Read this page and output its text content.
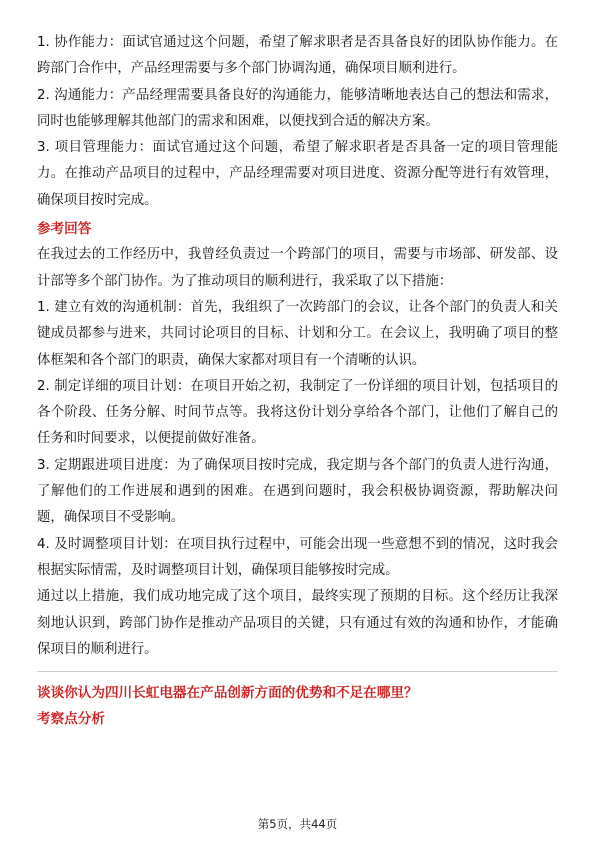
1. 协作能力：面试官通过这个问题，希望了解求职者是否具备良好的团队协作能力。在跨部门合作中，产品经理需要与多个部门协调沟通，确保项目顺利进行。

2. 沟通能力：产品经理需要具备良好的沟通能力，能够清晰地表达自己的想法和需求，同时也能够理解其他部门的需求和困难，以便找到合适的解决方案。

3. 项目管理能力：面试官通过这个问题，希望了解求职者是否具备一定的项目管理能力。在推动产品项目的过程中，产品经理需要对项目进度、资源分配等进行有效管理，确保项目按时完成。

参考回答

在我过去的工作经历中，我曾经负责过一个跨部门的项目，需要与市场部、研发部、设计部等多个部门协作。为了推动项目的顺利进行，我采取了以下措施：

1. 建立有效的沟通机制：首先，我组织了一次跨部门的会议，让各个部门的负责人和关键成员都参与进来，共同讨论项目的目标、计划和分工。在会议上，我明确了项目的整体框架和各个部门的职责，确保大家都对项目有一个清晰的认识。

2. 制定详细的项目计划：在项目开始之初，我制定了一份详细的项目计划，包括项目的各个阶段、任务分解、时间节点等。我将这份计划分享给各个部门，让他们了解自己的任务和时间要求，以便提前做好准备。

3. 定期跟进项目进度：为了确保项目按时完成，我定期与各个部门的负责人进行沟通，了解他们的工作进展和遇到的困难。在遇到问题时，我会积极协调资源，帮助解决问题，确保项目不受影响。

4. 及时调整项目计划：在项目执行过程中，可能会出现一些意想不到的情况，这时我会根据实际情需，及时调整项目计划，确保项目能够按时完成。

通过以上措施，我们成功地完成了这个项目，最终实现了预期的目标。这个经历让我深刻地认识到，跨部门协作是推动产品项目的关键，只有通过有效的沟通和协作，才能确保项目的顺利进行。

谈谈你认为四川长虹电器在产品创新方面的优势和不足在哪里？

考察点分析

第5页，共44页
